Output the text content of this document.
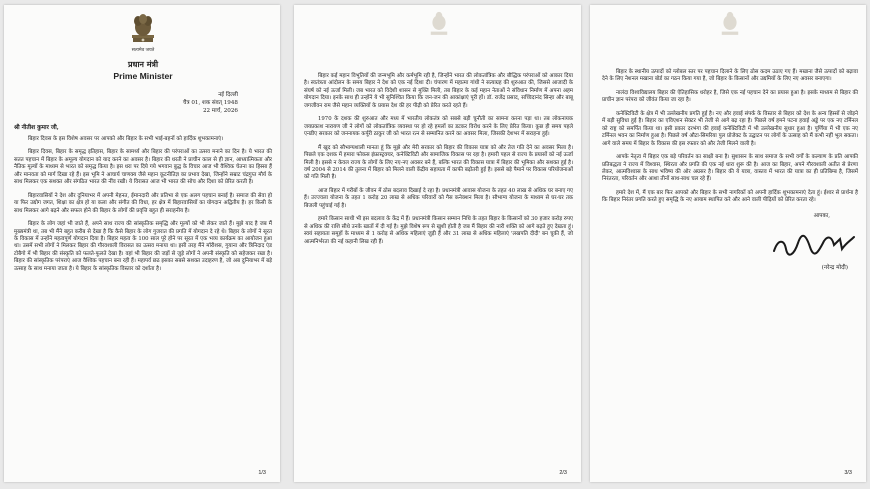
सत्यमेव जयते
प्रधान मंत्री
Prime Minister
नई दिल्ली
चैत्र 01, शक संवत् 1948
22 मार्च, 2026
श्री नीतीश कुमार जी,

बिहार दिवस के इस विशेष अवसर पर आपको और बिहार के सभी भाई-बहनों को हार्दिक शुभकामनाएं।

बिहार दिवस, बिहार के समृद्ध इतिहास, बिहार के सामर्थ्य और बिहार की परंपराओं का उत्सव मनाने का दिन है। ये भारत की सतत पहचान में बिहार के अमूल्य योगदान को याद करने का अवसर है। बिहार की धरती ने प्राचीन काल से ही ज्ञान, आध्यात्मिकता और नैतिक मूल्यों के माध्यम से भारत को समृद्ध किया है। इस धरा पर दिये गये भगवान बुद्ध के विचार आज भी वैश्विक चेतना का हिस्सा हैं और मानवता को मार्ग दिखा रहे हैं। इस भूमि ने आचार्य चाणक्य जैसे महान कूटनीतिज्ञ का प्रभाव देखा, जिन्होंने सम्राट चंद्रगुप्त मौर्य के साथ मिलकर एक सशक्त और संगठित भारत की नींव रखी। ये विरासत आज भी भारत की सोच और दिशा को प्रेरित करती है।

बिहारवासियों ने देश और दुनियाभर में अपनी मेहनत, ईमानदारी और प्रतिभा से एक अलग पहचान बनाई है। समाज की सेवा हो या फिर उद्योग जगत, शिक्षा का क्षेत्र हो या कला और संगीत की विधा, हर क्षेत्र में बिहारवासियों का योगदान अद्वितीय है। हर किसी के साथ मिलकर आगे बढ़ने और सफल होने की बिहार के लोगों की प्रवृत्ति बहुत ही सराहनीय है।

बिहार के लोग जहां भी जाते हैं, अपने साथ राज्य की सांस्कृतिक समृद्धि और मूल्यों को भी लेकर जाते हैं। मुझे याद है जब मैं मुख्यमंत्री था, तब भी मैंने बहुत करीब से देखा है कि कैसे बिहार के लोग गुजरात की प्रगति में योगदान दे रहे थे। बिहार के लोगों ने सूरत के विकास में उन्होंने महत्वपूर्ण योगदान दिया है। बिहार महत्व के 100 साल पूरे होने पर सूरत में एक भव्य कार्यक्रम का आयोजन हुआ था। उसमें सभी लोगों ने मिलकर बिहार की गौरवशाली विरासत का उत्सव मनाया था। इसी तरह मैंने मॉरीशस, गुयाना और त्रिनिदाद एंड टोबैगो में भी बिहार की संस्कृति को फलते-फूलते देखा है। वहां भी बिहार की जड़ों से जुड़े लोगों ने अपनी संस्कृति को सहेजकर रखा है। बिहार की सांस्कृतिक परंपराएं आज वैश्विक पहचान बना रही हैं। महापर्व छठ इसका सबसे सशक्त उदाहरण है, जो अब दुनियाभर में बड़े उत्साह के साथ मनाया जाता है। ये बिहार के सांस्कृतिक विस्तार को दर्शाता है।

1/3

बिहार कई महान विभूतियों की जन्मभूमि और कर्मभूमि रही है, जिन्होंने भारत की लोकतांत्रिक और बौद्धिक परंपराओं को आकार दिया है। स्वतंत्रता आंदोलन के समय बिहार ने देश को एक नई दिशा दी। चंपारण में महात्मा गांधी ने सत्याग्रह की शुरुआत की, जिससे आजादी के संघर्ष को नई ऊर्जा मिली। जब भारत को विदेशी शासन से मुक्ति मिली, तब बिहार के कई महान नेताओं ने संविधान निर्माण में अपना अहम योगदान दिया। इनके साथ ही उन्होंने ये भी सुनिश्चित किया कि जन-जन की आकांक्षाएं पूरी हों। डॉ. राजेंद्र प्रसाद, सच्चिदानंद सिन्हा और बाबू जगजीवन राम जैसे महान व्यक्तियों के प्रयास देश की हर पीढ़ी को प्रेरित करते रहते हैं।

1970 के दशक की शुरुआत और मध्य में भारतीय लोकतंत्र को सबसे बड़ी चुनौती का सामना करना पड़ा था। तब लोकनायक जयप्रकाश नारायण जी ने लोगों को लोकतांत्रिक व्यवस्था पर हो रहे हमलों का डटकर विरोध करने के लिए प्रेरित किया। कुछ ही समय पहले एनडीए सरकार को जननायक कर्पूरी ठाकुर जी को भारत रत्न से सम्मानित करने का अवसर मिला, जिसकी देशभर में सराहना हुई।

मैं खुद को सौभाग्यशाली मानता हूं कि मुझे और मेरी सरकार को बिहार की विकास यात्रा को और तेज गति देने का अवसर मिला है। पिछले एक दशक में हमारा फोकस इंफ्रास्ट्रक्चर, कनेक्टिविटी और सामाजिक विकास पर रहा है। हमारी पहल से राज्य के प्रयासों को नई ऊर्जा मिली है। इससे न केवल राज्य के लोगों के लिए नए-नए अवसर बने हैं, बल्कि भारत की विकास यात्रा में बिहार की भूमिका और सशक्त हुई है। वर्ष 2004 से 2014 की तुलना में बिहार को मिलने वाली केंद्रीय सहायता में काफी बढ़ोतरी हुई है। इससे बड़े पैमाने पर विकास परियोजनाओं को गति मिली है।

आज बिहार में गरीबों के जीवन में ठोस बदलाव दिखाई दे रहा है। प्रधानमंत्री आवास योजना के तहत 40 लाख से अधिक घर बनाए गए हैं। उज्ज्वला योजना के तहत 1 करोड़ 20 लाख से अधिक परिवारों को गैस कनेक्शन मिला है। सौभाग्य योजना के माध्यम से घर-घर तक बिजली पहुंचाई गई है।

हमारे किसान साथी भी इस बदलाव के केंद्र में हैं। प्रधानमंत्री किसान सम्मान निधि के तहत बिहार के किसानों को 30 हजार करोड़ रुपए से अधिक की राशि सीधे उनके खातों में दी गई है। मुझे विशेष रूप से खुशी होती है जब मैं बिहार की नारी शक्ति को आगे बढ़ते हुए देखता हूं। स्वयं सहायता समूहों के माध्यम से 1 करोड़ से अधिक महिलाएं जुड़ी हैं और 31 लाख से अधिक महिलाएं 'लखपति दीदी' बन चुकी हैं, जो आत्मनिर्भरता की नई कहानी लिख रही हैं।

2/3

बिहार के स्थानीय उत्पादों को ग्लोबल स्तर पर पहचान दिलाने के लिए ठोस कदम उठाए गए हैं। मखाना जैसे उत्पादों को बढ़ावा देने के लिए नेशनल मखाना बोर्ड का गठन किया गया है, जो बिहार के किसानों और उद्यमियों के लिए नए अवसर बनाएगा।

नालंदा विश्वविद्यालय बिहार की ऐतिहासिक धरोहर है, जिसे एक नई पहचान देने का प्रयास हुआ है। इसके माध्यम से बिहार की प्राचीन ज्ञान परंपरा को जीवंत किया जा रहा है।

कनेक्टिविटी के क्षेत्र में भी उल्लेखनीय प्रगति हुई है। नए और हवाई संपर्क के विस्तार से बिहार को देश के अन्य हिस्सों से जोड़ने में बड़ी सुविधा हुई है। बिहार का एविएशन सेक्टर भी तेजी से आगे बढ़ रहा है। पिछले वर्ष हमने पटना हवाई अड्डे पर एक नए टर्मिनल को राष्ट्र को समर्पित किया था। इसी प्रकार दरभंगा की हवाई कनेक्टिविटी में भी उल्लेखनीय सुधार हुआ है। पूर्णिया में भी एक नए टर्मिनल भवन का निर्माण हुआ है। पिछले वर्ष औटा-सिमरिया पुल प्रोजेक्ट के उद्घाटन पर लोगों के उत्साह को मैं कभी नहीं भूल सकता। आगे वाले समय में बिहार के विकास की इस रफ्तार को और तेजी मिलने वाली है।

आपके नेतृत्व में बिहार एक बड़े परिवर्तन का साक्षी बना है। सुशासन के साथ समाज के सभी वर्गों के कल्याण के प्रति आपकी प्रतिबद्धता ने राज्य में विश्वास, स्थिरता और प्रगति की एक नई धारा शुरू की है। आज का बिहार, अपने गौरवशाली अतीत से प्रेरणा लेकर, आत्मविश्वास के साथ भविष्य की ओर अग्रसर है। बिहार की ये यात्रा, वास्तव में भारत की यात्रा का ही प्रतिबिम्ब है, जिसमें निरंतरता, परिवर्तन और आशा तीनों साथ-साथ चल रहे हैं।

हमारे देश में, मैं एक बार फिर आपको और बिहार के सभी नागरिकों को अपनी हार्दिक शुभकामनाएं देता हूं। ईश्वर से प्रार्थना है कि बिहार निरंतर प्रगति करते हुए समृद्धि के नए आयाम स्थापित करे और आने वाली पीढ़ियों को प्रेरित करता रहे।

आपका,
(नरेन्द्र मोदी)
3/3
